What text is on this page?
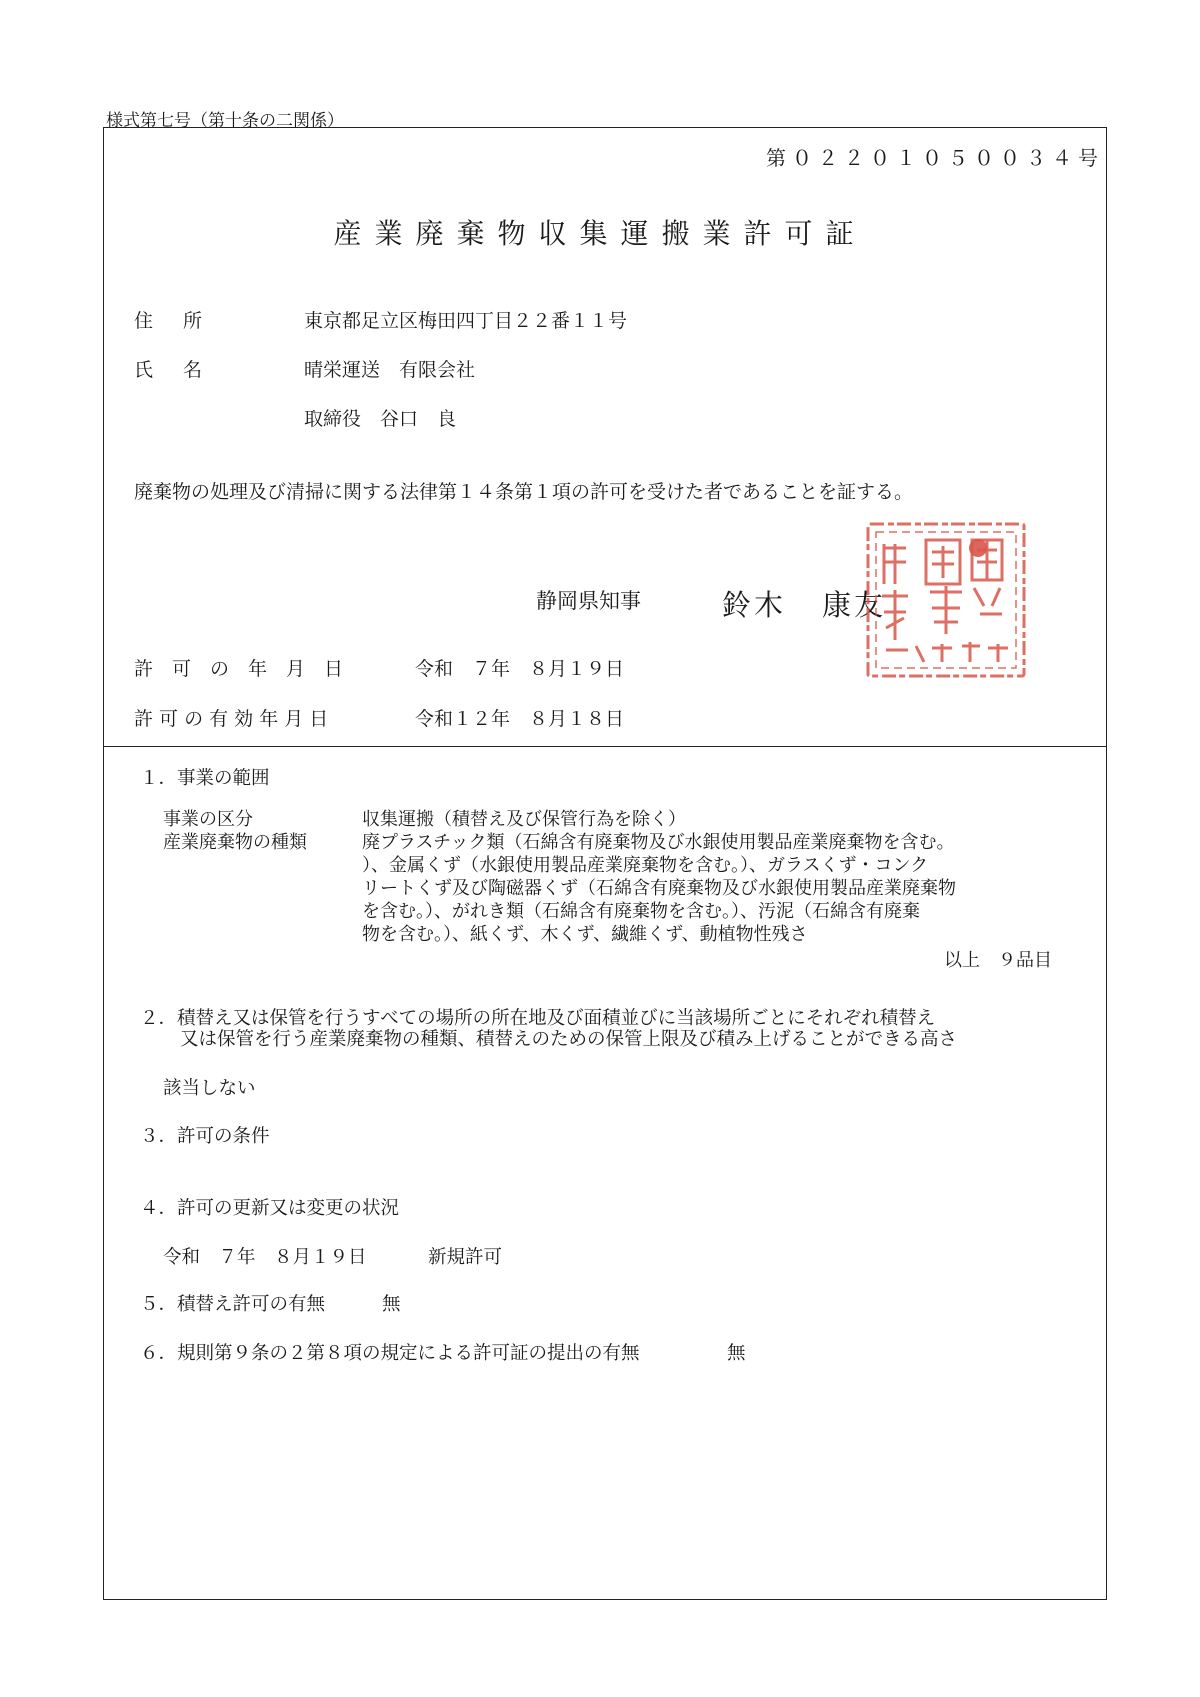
様式第七号（第十条の二関係）
第０２２０１０５００３４号
産業廃棄物収集運搬業許可証
住所	東京都足立区梅田四丁目２２番１１号
氏名	晴栄運送　有限会社
取締役　谷口　良
廃棄物の処理及び清掃に関する法律第１４条第１項の許可を受けた者であることを証する。
静岡県知事	鈴木 康友
許　可　の　年　月　日	令和　７年　８月１９日
許 可 の 有 効 年 月 日	令和１２年　８月１８日
１．事業の範囲
事業の区分	収集運搬（積替え及び保管行為を除く）
産業廃棄物の種類	廃プラスチック類（石綿含有廃棄物及び水銀使用製品産業廃棄物を含む。
）、金属くず（水銀使用製品産業廃棄物を含む。）、ガラスくず・コンク
リートくず及び陶磁器くず（石綿含有廃棄物及び水銀使用製品産業廃棄物
を含む。）、がれき類（石綿含有廃棄物を含む。）、汚泥（石綿含有廃棄
物を含む。）、紙くず、木くず、繊維くず、動植物性残さ
以上　９品目
２．積替え又は保管を行うすべての場所の所在地及び面積並びに当該場所ごとにそれぞれ積替え
又は保管を行う産業廃棄物の種類、積替えのための保管上限及び積み上げることができる高さ
該当しない
３．許可の条件
４．許可の更新又は変更の状況
令和　７年　８月１９日	新規許可
５．積替え許可の有無	無
６．規則第９条の２第８項の規定による許可証の提出の有無	無
